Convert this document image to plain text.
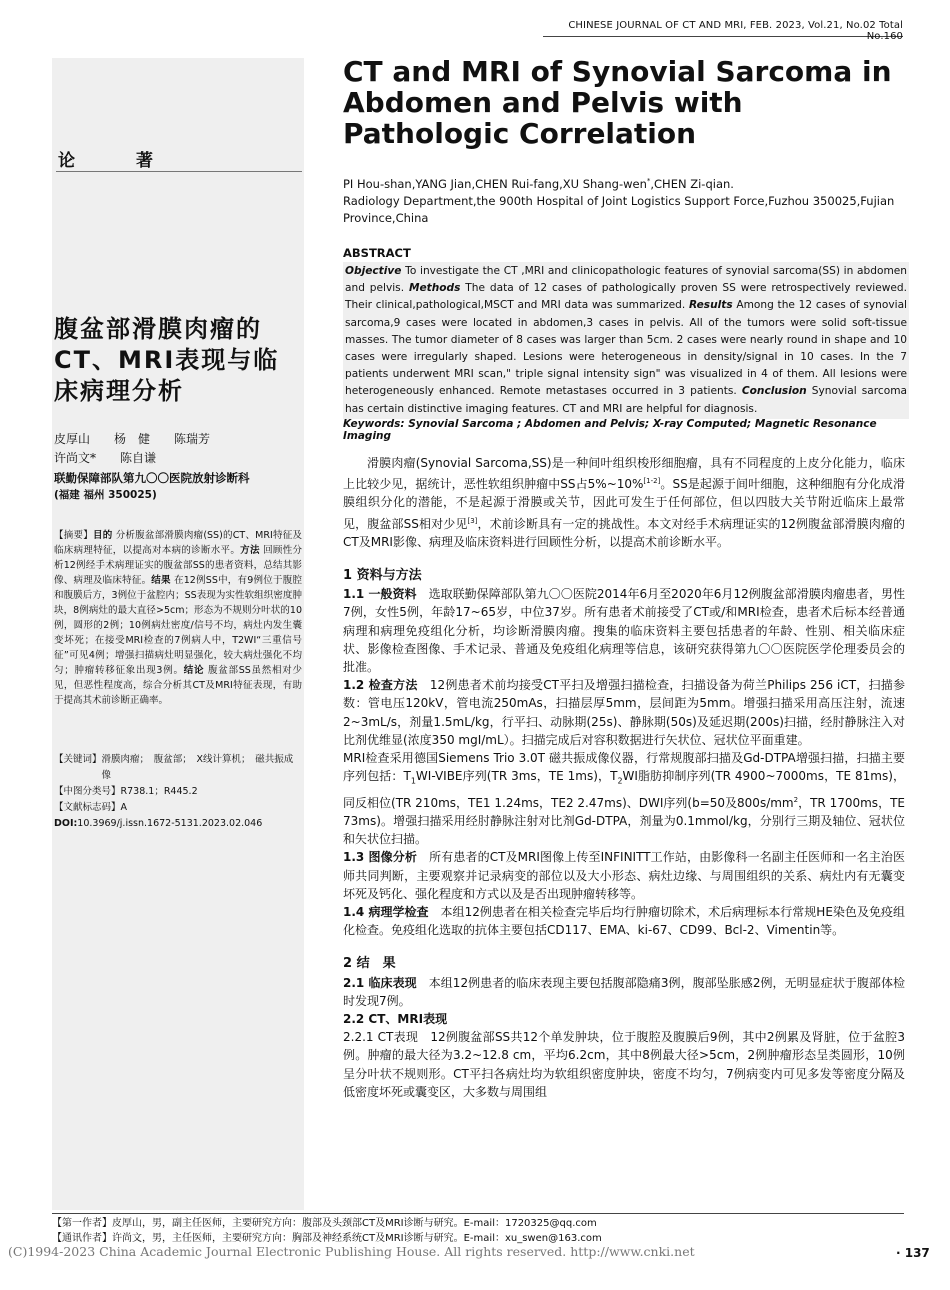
CHINESE JOURNAL OF CT AND MRI, FEB. 2023, Vol.21, No.02 Total No.160
论　著
腹盆部滑膜肉瘤的CT、MRI表现与临床病理分析
皮厚山　　杨　健　　陈瑞芳
许尚文*　　陈自谦
联勤保障部队第九〇〇医院放射诊断科
(福建 福州 350025)
【摘要】目的 分析腹盆部滑膜肉瘤(SS)的CT、MRI特征及临床病理特征，以提高对本病的诊断水平。方法 回顾性分析12例经手术病理证实的腹盆部SS的患者资料，总结其影像、病理及临床特征。结果 在12例SS中，有9例位于腹腔和腹膜后方，3例位于盆腔内；SS表现为实性软组织密度肿块，8例病灶的最大直径>5cm；形态为不规则分叶状的10例，圆形的2例；10例病灶密度/信号不均，病灶内发生囊变坏死；在接受MRI检查的7例病人中，T2WI“三重信号征”可见4例；增强扫描病灶明显强化，较大病灶强化不均匀；肿瘤转移征象出现3例。结论 腹盆部SS虽然相对少见，但恶性程度高，综合分析其CT及MRI特征表现，有助于提高其术前诊断正确率。
【关键词】 滑膜肉瘤；　腹盆部；　X线计算机；　磁共振成像
【中图分类号】R738.1；R445.2
【文献标志码】A
DOI:10.3969/j.issn.1672-5131.2023.02.046
CT and MRI of Synovial Sarcoma in Abdomen and Pelvis with Pathologic Correlation
PI Hou-shan,YANG Jian,CHEN Rui-fang,XU Shang-wen*,CHEN Zi-qian.
Radiology Department,the 900th Hospital of Joint Logistics Support Force,Fuzhou 350025,Fujian Province,China
ABSTRACT
Objective To investigate the CT ,MRI and clinicopathologic features of synovial sarcoma(SS) in abdomen and pelvis. Methods The data of 12 cases of pathologically proven SS were retrospectively reviewed. Their clinical,pathological,MSCT and MRI data was summarized. Results Among the 12 cases of synovial sarcoma,9 cases were located in abdomen,3 cases in pelvis. All of the tumors were solid soft-tissue masses. The tumor diameter of 8 cases was larger than 5cm. 2 cases were nearly round in shape and 10 cases were irregularly shaped. Lesions were heterogeneous in density/signal in 10 cases. In the 7 patients underwent MRI scan," triple signal intensity sign" was visualized in 4 of them. All lesions were heterogeneously enhanced. Remote metastases occurred in 3 patients. Conclusion Synovial sarcoma has certain distinctive imaging features. CT and MRI are helpful for diagnosis.
Keywords: Synovial Sarcoma ; Abdomen and Pelvis; X-ray Computed; Magnetic Resonance Imaging

滑膜肉瘤(Synovial Sarcoma,SS)是一种间叶组织梭形细胞瘤，具有不同程度的上皮分化能力，临床上比较少见，据统计，恶性软组织肿瘤中SS占5%~10%[1-2]。SS是起源于间叶细胞，这种细胞有分化成滑膜组织分化的潜能，不是起源于滑膜或关节，因此可发生于任何部位，但以四肢大关节附近临床上最常见，腹盆部SS相对少见[3]，术前诊断具有一定的挑战性。本文对经手术病理证实的12例腹盆部滑膜肉瘤的CT及MRI影像、病理及临床资料进行回顾性分析，以提高术前诊断水平。

1 资料与方法

1.1 一般资料　选取联勤保障部队第九〇〇医院2014年6月至2020年6月12例腹盆部滑膜肉瘤患者，男性7例，女性5例，年龄17~65岁，中位37岁。所有患者术前接受了CT或/和MRI检查，患者术后标本经普通病理和病理免疫组化分析，均诊断滑膜肉瘤。搜集的临床资料主要包括患者的年龄、性别、相关临床症状、影像检查图像、手术记录、普通及免疫组化病理等信息，该研究获得第九〇〇医院医学伦理委员会的批准。

1.2 检查方法　12例患者术前均接受CT平扫及增强扫描检查，扫描设备为荷兰Philips 256 iCT，扫描参数：管电压120kV，管电流250mAs，扫描层厚5mm，层间距为5mm。增强扫描采用高压注射，流速2~3mL/s，剂量1.5mL/kg，行平扫、动脉期(25s)、静脉期(50s)及延迟期(200s)扫描，经肘静脉注入对比剂优维显(浓度350 mgI/mL）。扫描完成后对容积数据进行矢状位、冠状位平面重建。

MRI检查采用德国Siemens Trio 3.0T 磁共振成像仪器，行常规腹部扫描及Gd-DTPA增强扫描，扫描主要序列包括：$T_1WI$-VIBE序列(TR 3ms，TE 1ms)，$T_2WI$脂肪抑制序列(TR 4900~7000ms，TE 81ms)，同反相位(TR 210ms，TE1 1.24ms，TE2 2.47ms)、DWI序列(b=50及$800s/mm^2$，TR 1700ms，TE 73ms)。增强扫描采用经肘静脉注射对比剂Gd-DTPA，剂量为0.1mmol/kg，分别行三期及轴位、冠状位和矢状位扫描。

1.3 图像分析　所有患者的CT及MRI图像上传至INFINITT工作站，由影像科一名副主任医师和一名主治医师共同判断，主要观察并记录病变的部位以及大小形态、病灶边缘、与周围组织的关系、病灶内有无囊变坏死及钙化、强化程度和方式以及是否出现肿瘤转移等。

1.4 病理学检查　本组12例患者在相关检查完毕后均行肿瘤切除术，术后病理标本行常规HE染色及免疫组化检查。免疫组化选取的抗体主要包括CD117、EMA、ki-67、CD99、Bcl-2、Vimentin等。

2 结　果

2.1 临床表现　本组12例患者的临床表现主要包括腹部隐痛3例，腹部坠胀感2例，无明显症状于腹部体检时发现7例。

2.2 CT、MRI表现

2.2.1 CT表现　12例腹盆部SS共12个单发肿块，位于腹腔及腹膜后9例，其中2例累及肾脏，位于盆腔3例。肿瘤的最大径为3.2~12.8 cm，平均6.2cm，其中8例最大径>5cm，2例肿瘤形态呈类圆形，10例呈分叶状不规则形。CT平扫各病灶均为软组织密度肿块，密度不均匀，7例病变内可见多发等密度分隔及低密度坏死或囊变区，大多数与周围组

【第一作者】皮厚山，男，副主任医师，主要研究方向：腹部及头颈部CT及MRI诊断与研究。E-mail：1720325@qq.com
【通讯作者】许尚文，男，主任医师，主要研究方向：胸部及神经系统CT及MRI诊断与研究。E-mail：xu_swen@163.com
(C)1994-2023 China Academic Journal Electronic Publishing House. All rights reserved. http://www.cnki.net	· 137
